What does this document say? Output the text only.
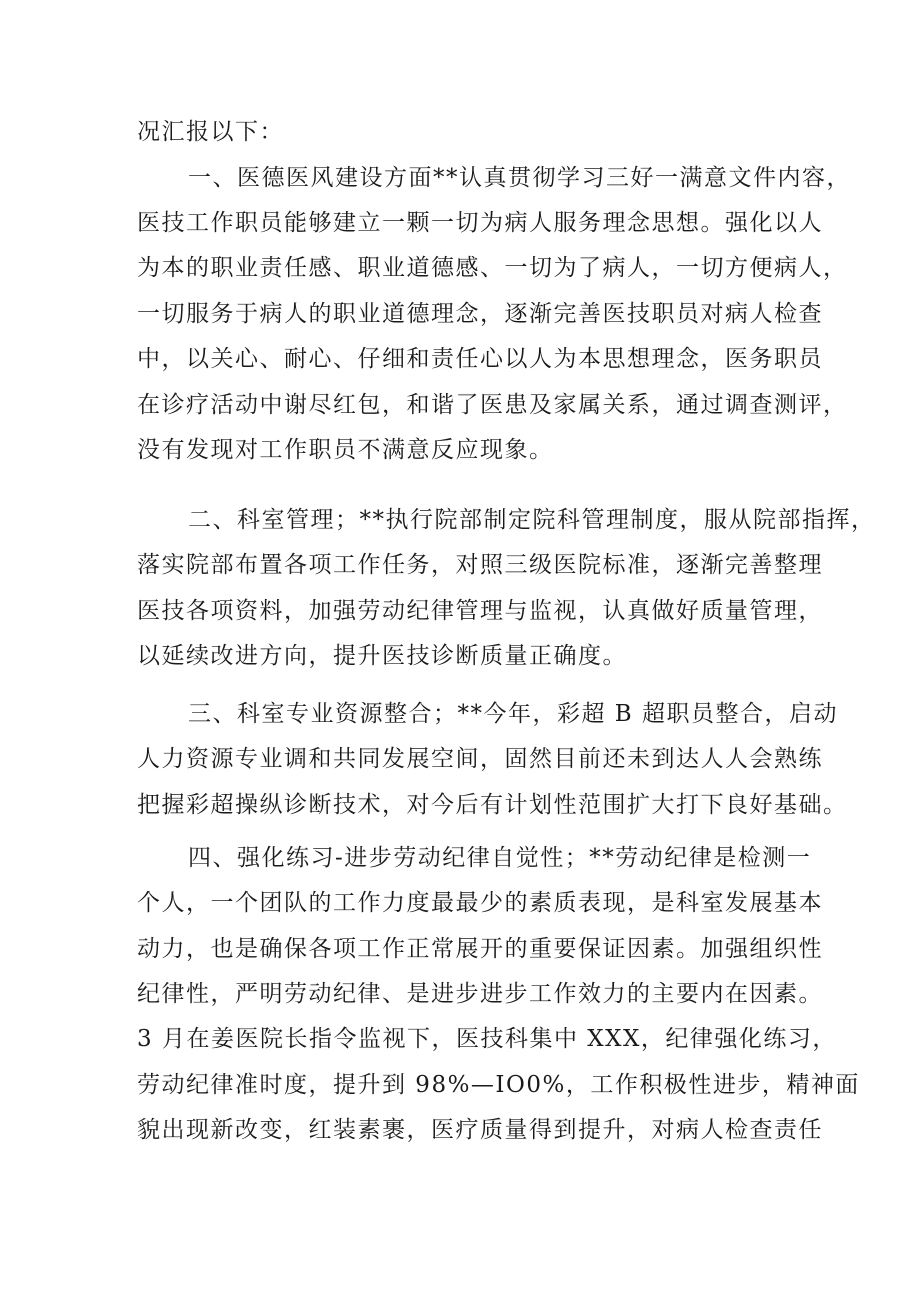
况汇报以下：
一、医德医风建设方面**认真贯彻学习三好一满意文件内容，
医技工作职员能够建立一颗一切为病人服务理念思想。强化以人
为本的职业责任感、职业道德感、一切为了病人，一切方便病人，
一切服务于病人的职业道德理念，逐渐完善医技职员对病人检查
中，以关心、耐心、仔细和责任心以人为本思想理念，医务职员
在诊疗活动中谢尽红包，和谐了医患及家属关系，通过调查测评，
没有发现对工作职员不满意反应现象。
二、科室管理；**执行院部制定院科管理制度，服从院部指挥，
落实院部布置各项工作任务，对照三级医院标准，逐渐完善整理
医技各项资料，加强劳动纪律管理与监视，认真做好质量管理，
以延续改进方向，提升医技诊断质量正确度。
三、科室专业资源整合；**今年，彩超 B 超职员整合，启动
人力资源专业调和共同发展空间，固然目前还未到达人人会熟练
把握彩超操纵诊断技术，对今后有计划性范围扩大打下良好基础。
四、强化练习-进步劳动纪律自觉性；**劳动纪律是检测一
个人，一个团队的工作力度最最少的素质表现，是科室发展基本
动力，也是确保各项工作正常展开的重要保证因素。加强组织性
纪律性，严明劳动纪律、是进步进步工作效力的主要内在因素。
3 月在姜医院长指令监视下，医技科集中 XXX，纪律强化练习，
劳动纪律准时度，提升到 98%—IO0%，工作积极性进步，精神面
貌出现新改变，红装素裹，医疗质量得到提升，对病人检查责任
